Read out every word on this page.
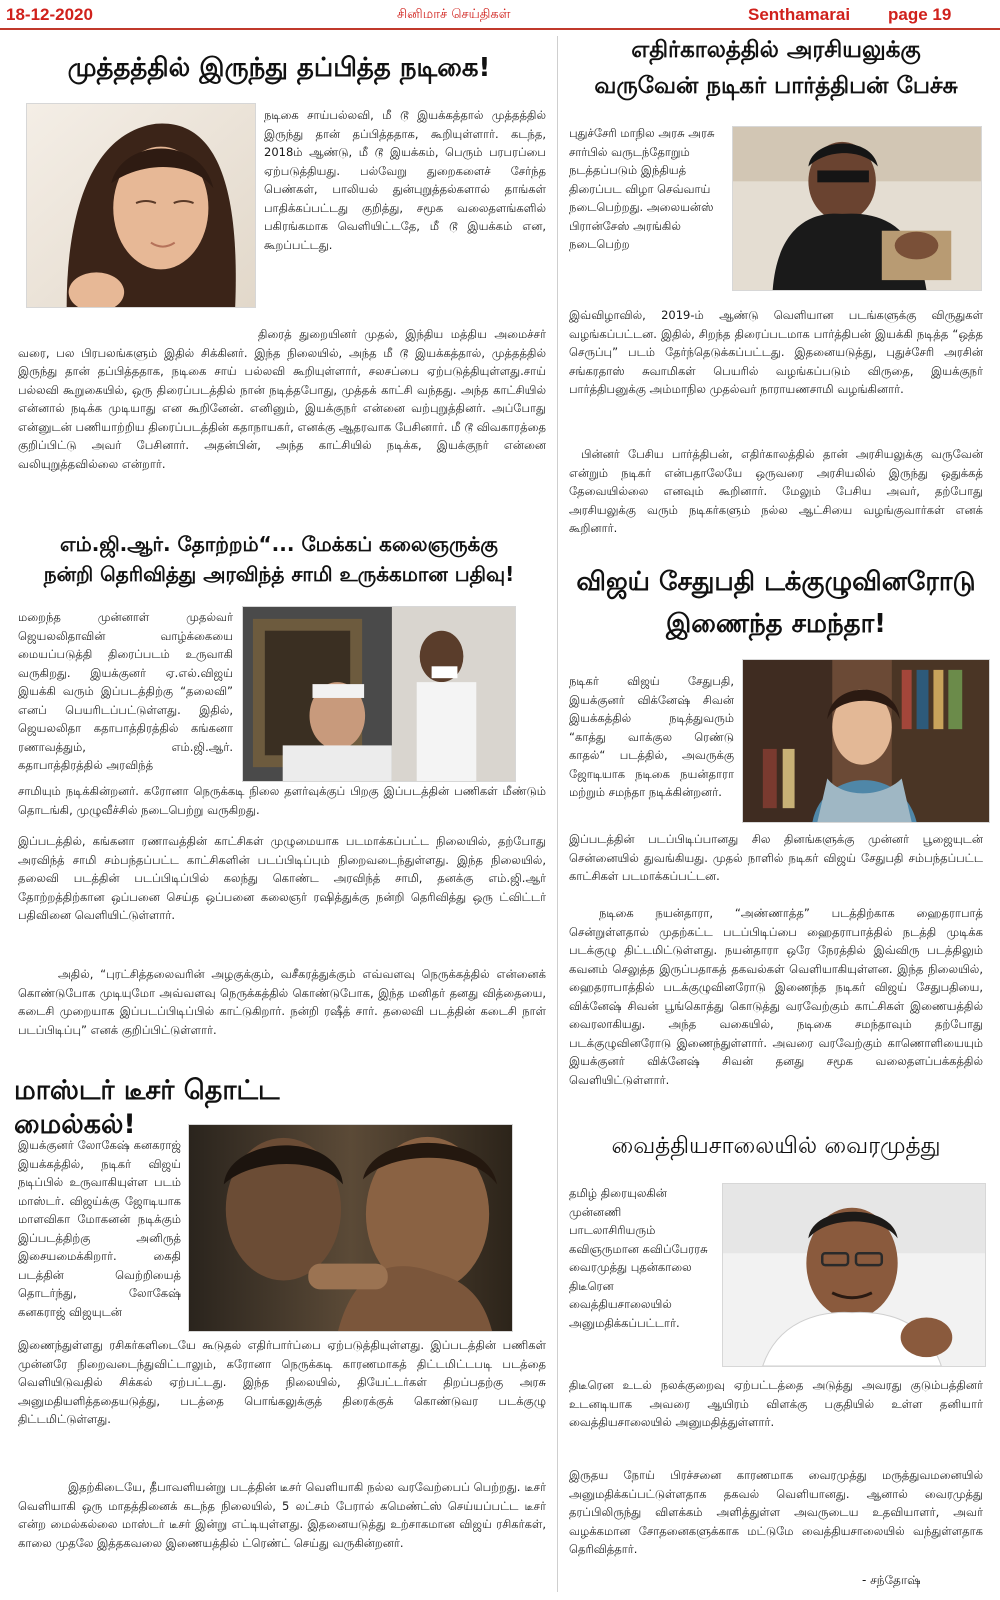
18-12-2020	சினிமாச் செய்திகள்	Senthamarai page 19
முத்தத்தில் இருந்து தப்பித்த நடிகை!

நடிகை சாய்பல்லவி, மீ டூ இயக்கத்தால் முத்தத்தில் இருந்து தான் தப்பித்ததாக, கூறியுள்ளார். கடந்த, 2018ம் ஆண்டு, மீ டூ இயக்கம், பெரும் பரபரப்பை ஏற்படுத்தியது. பல்வேறு துறைகளைச் சேர்ந்த பெண்கள், பாலியல் துன்புறுத்தல்களால் தாங்கள் பாதிக்கப்பட்டது குறித்து, சமூக வலைதளங்களில் பகிரங்கமாக வெளியிட்டதே, மீ டூ இயக்கம் என, கூறப்பட்டது.

திரைத் துறையினர் முதல், இந்திய மத்திய அமைச்சர் வரை, பல பிரபலங்களும் இதில் சிக்கினர். இந்த நிலையில், அந்த மீ டூ இயக்கத்தால், முத்தத்தில் இருந்து தான் தப்பித்ததாக, நடிகை சாய் பல்லவி கூறியுள்ளார், சலசப்பை ஏற்படுத்தியுள்ளது.சாய் பல்லவி கூறுகையில், ஒரு திரைப்படத்தில் நான் நடித்தபோது, முத்தக் காட்சி வந்தது. அந்த காட்சியில் என்னால் நடிக்க முடியாது என கூறினேன். எனினும், இயக்குநர் என்னை வற்புறுத்தினர். அப்போது என்னுடன் பணியாற்றிய திரைப்படத்தின் கதாநாயகர், எனக்கு ஆதரவாக பேசினார். மீ டூ விவகாரத்தை குறிப்பிட்டு அவர் பேசினார். அதன்பின், அந்த காட்சியில் நடிக்க, இயக்குநர் என்னை வலியுறுத்தவில்லை என்றார்.

எம்.ஜி.ஆர். தோற்றம்“... மேக்கப் கலைஞருக்கு
நன்றி தெரிவித்து அரவிந்த் சாமி உருக்கமான பதிவு!

மறைந்த முன்னாள் முதல்வர் ஜெயலலிதாவின் வாழ்க்கையை மையப்படுத்தி திரைப்படம் உருவாகி வருகிறது. இயக்குனர் ஏ.எல்.விஜய் இயக்கி வரும் இப்படத்திற்கு “தலைவி” எனப் பெயரிடப்பட்டுள்ளது. இதில், ஜெயலலிதா கதாபாத்திரத்தில் கங்கனா ரணாவத்தும், எம்.ஜி.ஆர். கதாபாத்திரத்தில் அரவிந்த்

சாமியும் நடிக்கின்றனர். கரோனா நெருக்கடி நிலை தளர்வுக்குப் பிறகு இப்படத்தின் பணிகள் மீண்டும் தொடங்கி, முழுவீச்சில் நடைபெற்று வருகிறது.

இப்படத்தில், கங்கனா ரணாவத்தின் காட்சிகள் முழுமையாக படமாக்கப்பட்ட நிலையில், தற்போது அரவிந்த் சாமி சம்பந்தப்பட்ட காட்சிகளின் படப்பிடிப்பும் நிறைவடைந்துள்ளது. இந்த நிலையில், தலைவி படத்தின் படப்பிடிப்பில் கலந்து கொண்ட அரவிந்த் சாமி, தனக்கு எம்.ஜி.ஆர் தோற்றத்திற்கான ஒப்பனை செய்த ஒப்பனை கலைஞர் ரஷித்துக்கு நன்றி தெரிவித்து ஒரு ட்விட்டர் பதிவினை வெளியிட்டுள்ளார்.

அதில், “புரட்சித்தலைவரின் அழகுக்கும், வசீகரத்துக்கும் எவ்வளவு நெருக்கத்தில் என்னைக் கொண்டுபோக முடியுமோ அவ்வளவு நெருக்கத்தில் கொண்டுபோக, இந்த மனிதர் தனது வித்தையை, கடைசி முறையாக இப்படப்பிடிப்பில் காட்டுகிறார். நன்றி ரஷீத் சார். தலைவி படத்தின் கடைசி நாள் படப்பிடிப்பு” எனக் குறிப்பிட்டுள்ளார்.

மாஸ்டர் டீசர் தொட்ட மைல்கல்!

இயக்குனர் லோகேஷ் கனகராஜ் இயக்கத்தில், நடிகர் விஜய் நடிப்பில் உருவாகியுள்ள படம் மாஸ்டர். விஜய்க்கு ஜோடியாக மாளவிகா மோகனன் நடிக்கும் இப்படத்திற்கு அனிருத் இசையமைக்கிறார். கைதி படத்தின் வெற்றியைத் தொடர்ந்து, லோகேஷ் கனகராஜ் விஜயுடன்

இணைந்துள்ளது ரசிகர்களிடையே கூடுதல் எதிர்பார்ப்பை ஏற்படுத்தியுள்ளது. இப்படத்தின் பணிகள் முன்னரே நிறைவடைந்துவிட்டாலும், கரோனா நெருக்கடி காரணமாகத் திட்டமிட்டபடி படத்தை வெளியிடுவதில் சிக்கல் ஏற்பட்டது. இந்த நிலையில், தியேட்டர்கள் திறப்பதற்கு அரசு அனுமதியளித்ததையடுத்து, படத்தை பொங்கலுக்குத் திரைக்குக் கொண்டுவர படக்குழு திட்டமிட்டுள்ளது.

இதற்கிடையே, தீபாவளியன்று படத்தின் டீசர் வெளியாகி நல்ல வரவேற்பைப் பெற்றது. டீசர் வெளியாகி ஒரு மாதத்தினைக் கடந்த நிலையில், 5 லட்சம் பேரால் கமெண்ட்ஸ் செய்யப்பட்ட டீசர் என்ற மைல்கல்லை மாஸ்டர் டீசர் இன்று எட்டியுள்ளது. இதனையடுத்து உற்சாகமான விஜய் ரசிகர்கள், காலை முதலே இத்தகவலை இணையத்தில் ட்ரெண்ட் செய்து வருகின்றனர்.

எதிர்காலத்தில் அரசியலுக்கு
வருவேன் நடிகர் பார்த்திபன் பேச்சு

புதுச்சேரி மாநில அரசு அரசு சார்பில் வருடந்தோறும் நடத்தப்படும் இந்தியத் திரைப்பட விழா செவ்வாய் நடைபெற்றது. அலையன்ஸ் பிரான்சேஸ் அரங்கில் நடைபெற்ற

இவ்விழாவில், 2019-ம் ஆண்டு வெளியான படங்களுக்கு விருதுகள் வழங்கப்பட்டன. இதில், சிறந்த திரைப்படமாக பார்த்திபன் இயக்கி நடித்த “ஒத்த செருப்பு” படம் தேர்ந்தெடுக்கப்பட்டது. இதனையடுத்து, புதுச்சேரி அரசின் சங்கரதாஸ் சுவாமிகள் பெயரில் வழங்கப்படும் விருதை, இயக்குநர் பார்த்திபனுக்கு அம்மாநில முதல்வர் நாராயணசாமி வழங்கினார்.

பின்னர் பேசிய பார்த்திபன், எதிர்காலத்தில் தான் அரசியலுக்கு வருவேன் என்றும் நடிகர் என்பதாலேயே ஒருவரை அரசியலில் இருந்து ஒதுக்கத் தேவையில்லை எனவும் கூறினார். மேலும் பேசிய அவர், தற்போது அரசியலுக்கு வரும் நடிகர்களும் நல்ல ஆட்சியை வழங்குவார்கள் எனக் கூறினார்.

விஜய் சேதுபதி டக்குழுவினரோடு
இணைந்த சமந்தா!

நடிகர் விஜய் சேதுபதி, இயக்குனர் விக்னேஷ் சிவன் இயக்கத்தில் நடித்துவரும் “காத்து வாக்குல ரெண்டு காதல்“ படத்தில், அவருக்கு ஜோடியாக நடிகை நயன்தாரா மற்றும் சமந்தா நடிக்கின்றனர்.

இப்படத்தின் படப்பிடிப்பானது சில தினங்களுக்கு முன்னர் பூஜையுடன் சென்னையில் துவங்கியது. முதல் நாளில் நடிகர் விஜய் சேதுபதி சம்பந்தப்பட்ட காட்சிகள் படமாக்கப்பட்டன.

நடிகை நயன்தாரா, “அண்ணாத்த” படத்திற்காக ஹைதராபாத் சென்றுள்ளதால் முதற்கட்ட படப்பிடிப்பை ஹைதராபாத்தில் நடத்தி முடிக்க படக்குழு திட்டமிட்டுள்ளது. நயன்தாரா ஒரே நேரத்தில் இவ்விரு படத்திலும் கவனம் செலுத்த இருப்பதாகத் தகவல்கள் வெளியாகியுள்ளன. இந்த நிலையில், ஹைதராபாத்தில் படக்குழுவினரோடு இணைந்த நடிகர் விஜய் சேதுபதியை, விக்னேஷ் சிவன் பூங்கொத்து கொடுத்து வரவேற்கும் காட்சிகள் இணையத்தில் வைரலாகியது. அந்த வகையில், நடிகை சமந்தாவும் தற்போது படக்குழுவினரோடு இணைந்துள்ளார். அவரை வரவேற்கும் காணொளியையும் இயக்குனர் விக்னேஷ் சிவன் தனது சமூக வலைதளப்பக்கத்தில் வெளியிட்டுள்ளார்.

வைத்தியசாலையில் வைரமுத்து

தமிழ் திரையுலகின் முன்னணி பாடலாசிரியரும் கவிஞருமான கவிப்பேரரசு வைரமுத்து புதன்காலை திடீரென வைத்தியசாலையில் அனுமதிக்கப்பட்டார்.

திடீரென உடல் நலக்குறைவு ஏற்பட்டத்தை அடுத்து அவரது குடும்பத்தினர் உடனடியாக அவரை ஆயிரம் விளக்கு பகுதியில் உள்ள தனியார் வைத்தியசாலையில் அனுமதித்துள்ளார்.

இருதய நோய் பிரச்சனை காரணமாக வைரமுத்து மருத்துவமனையில் அனுமதிக்கப்பட்டுள்ளதாக தகவல் வெளியானது. ஆனால் வைரமுத்து தரப்பிலிருந்து விளக்கம் அளித்துள்ள அவருடைய உதவியாளர், அவர் வழக்கமான சோதனைகளுக்காக மட்டுமே வைத்தியசாலையில் வந்துள்ளதாக தெரிவித்தார்.

- சந்தோஷ்
